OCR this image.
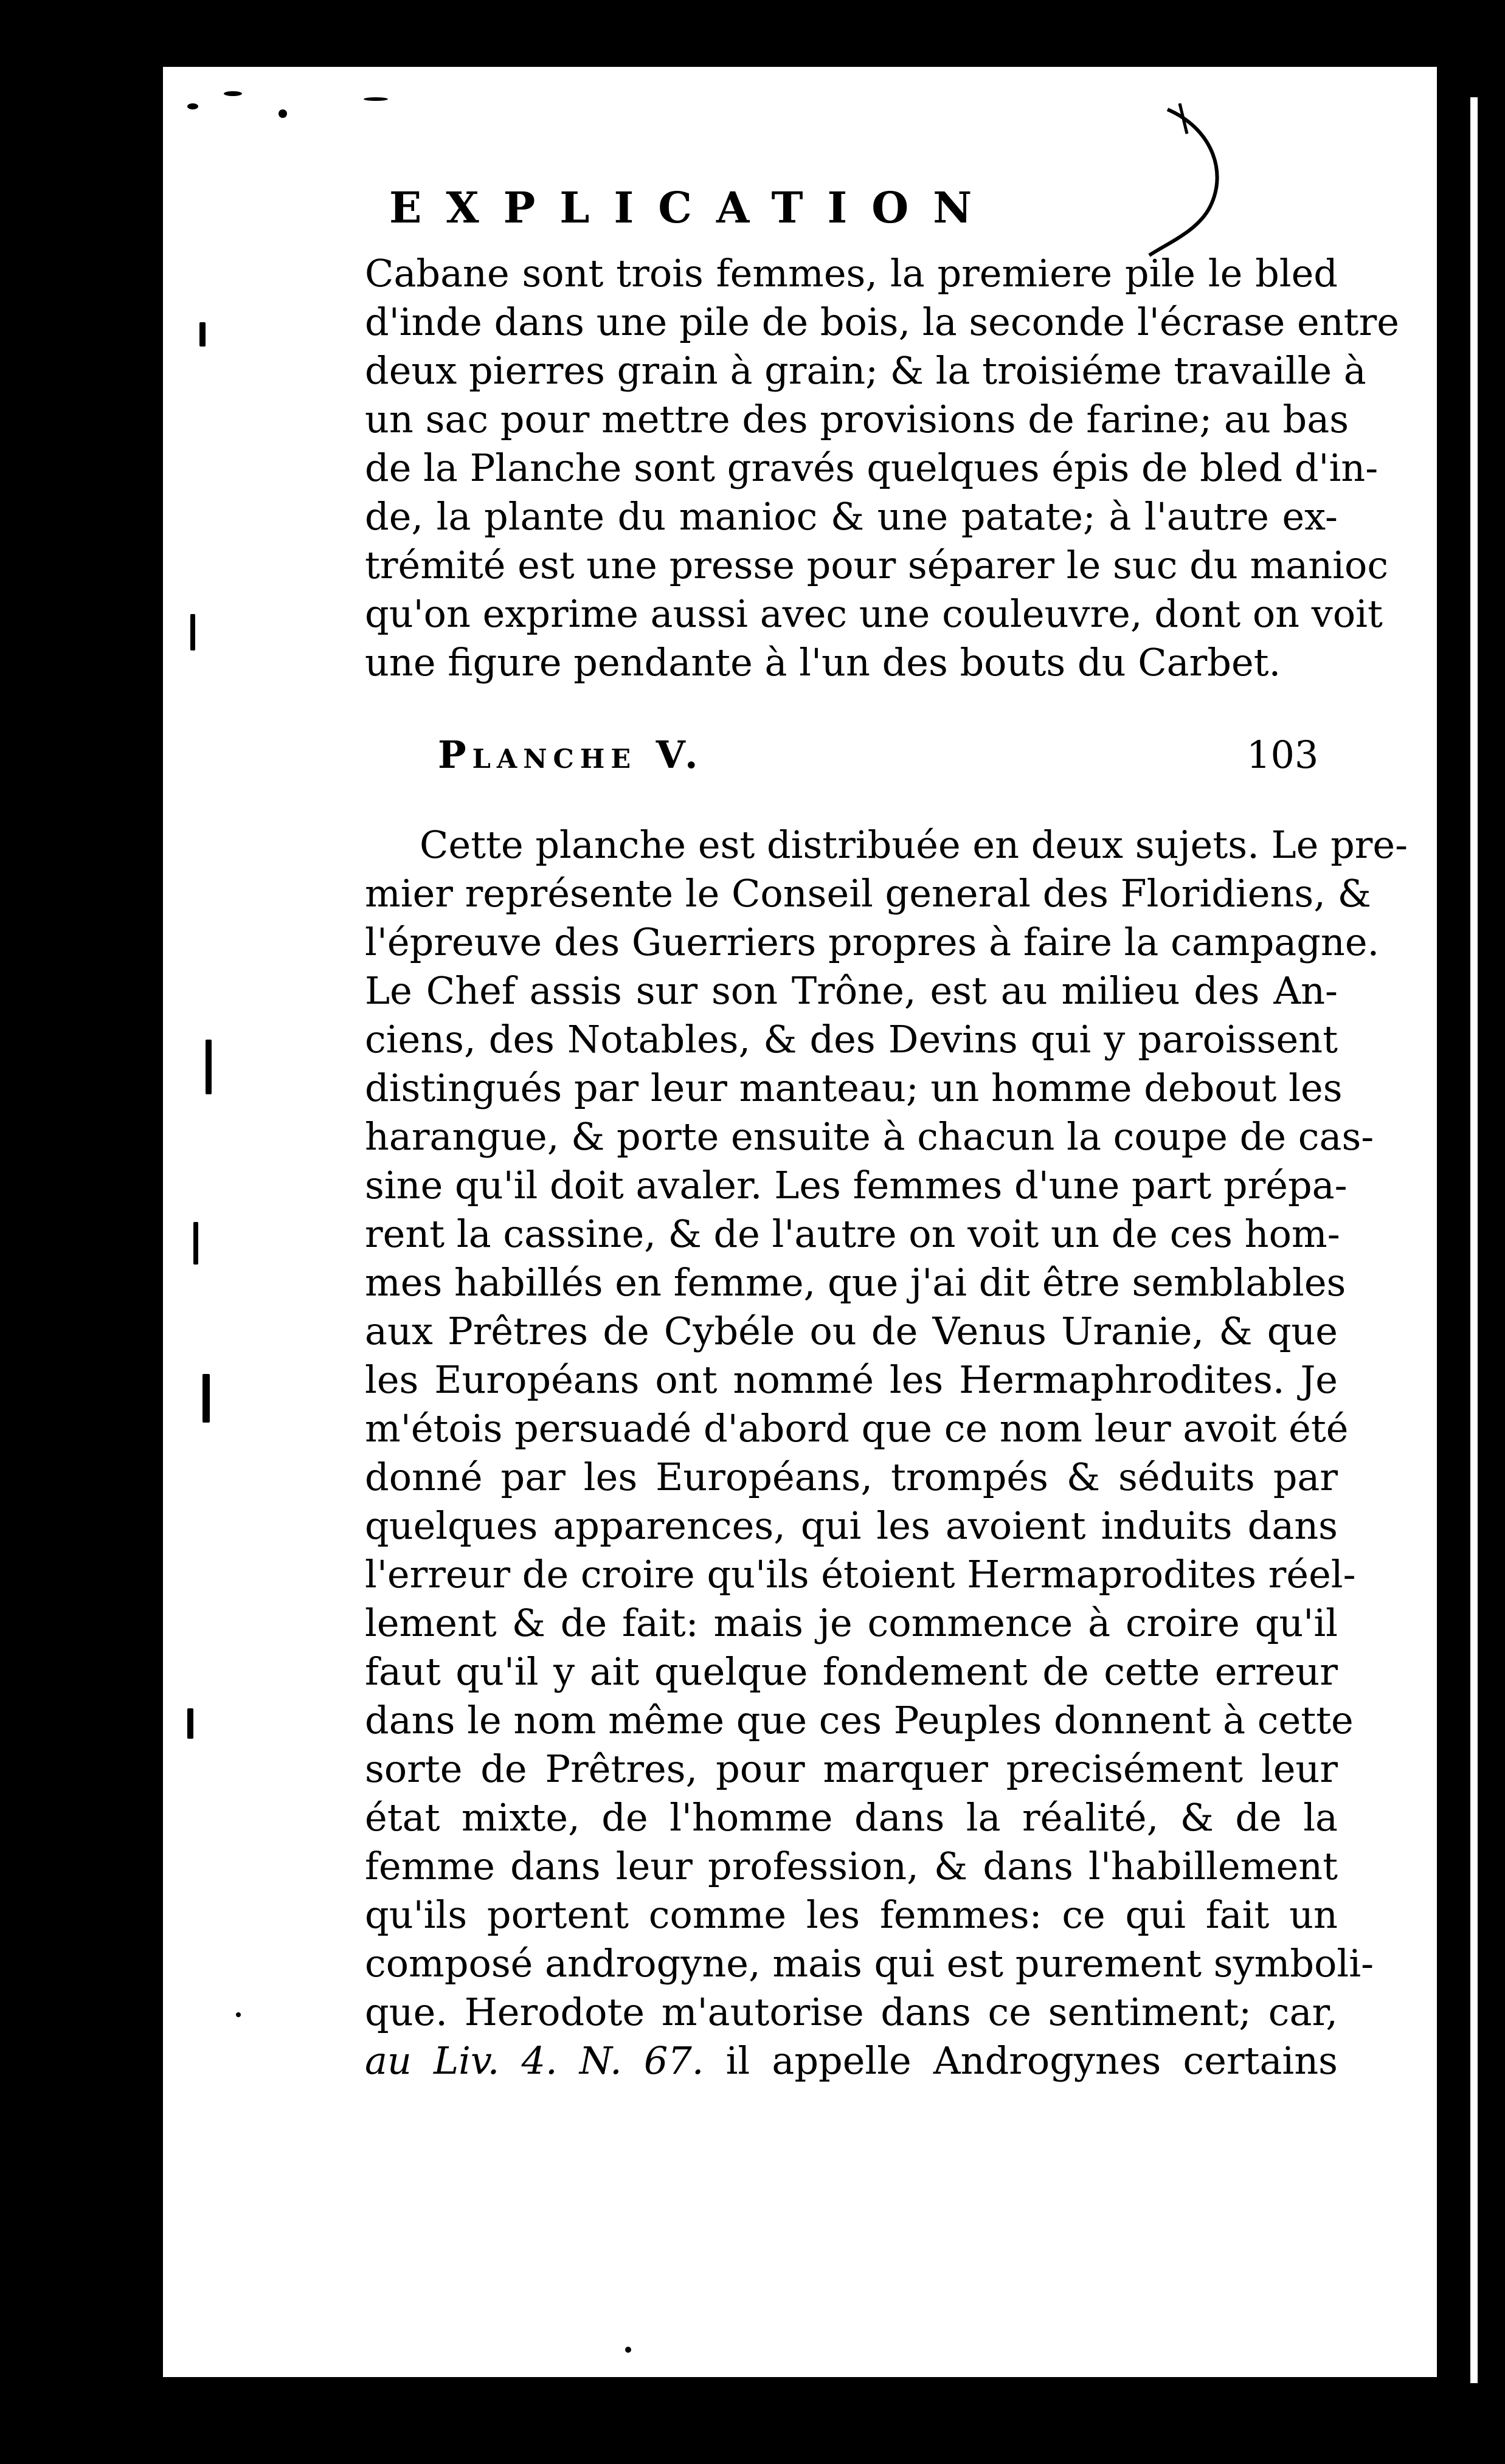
EXPLICATION
Cabane sont trois femmes, la premiere pile le bled
d'inde dans une pile de bois, la seconde l'écrase entre
deux pierres grain à grain; & la troisiéme travaille à
un sac pour mettre des provisions de farine; au bas
de la Planche sont gravés quelques épis de bled d'in-
de, la plante du manioc & une patate; à l'autre ex-
trémité est une presse pour séparer le suc du manioc
qu'on exprime aussi avec une couleuvre, dont on voit
une figure pendante à l'un des bouts du Carbet.
Planche V.	103
Cette planche est distribuée en deux sujets. Le pre-
mier représente le Conseil general des Floridiens, &
l'épreuve des Guerriers propres à faire la campagne.
Le Chef assis sur son Trône, est au milieu des An-
ciens, des Notables, & des Devins qui y paroissent
distingués par leur manteau; un homme debout les
harangue, & porte ensuite à chacun la coupe de cas-
sine qu'il doit avaler. Les femmes d'une part prépa-
rent la cassine, & de l'autre on voit un de ces hom-
mes habillés en femme, que j'ai dit être semblables
aux Prêtres de Cybéle ou de Venus Uranie, & que
les Européans ont nommé les Hermaphrodites. Je
m'étois persuadé d'abord que ce nom leur avoit été
donné par les Européans, trompés & séduits par
quelques apparences, qui les avoient induits dans
l'erreur de croire qu'ils étoient Hermaprodites réel-
lement & de fait: mais je commence à croire qu'il
faut qu'il y ait quelque fondement de cette erreur
dans le nom même que ces Peuples donnent à cette
sorte de Prêtres, pour marquer precisément leur
état mixte, de l'homme dans la réalité, & de la
femme dans leur profession, & dans l'habillement
qu'ils portent comme les femmes: ce qui fait un
composé androgyne, mais qui est purement symboli-
que. Herodote m'autorise dans ce sentiment; car,
au Liv. 4. N. 67. il appelle Androgynes certains
